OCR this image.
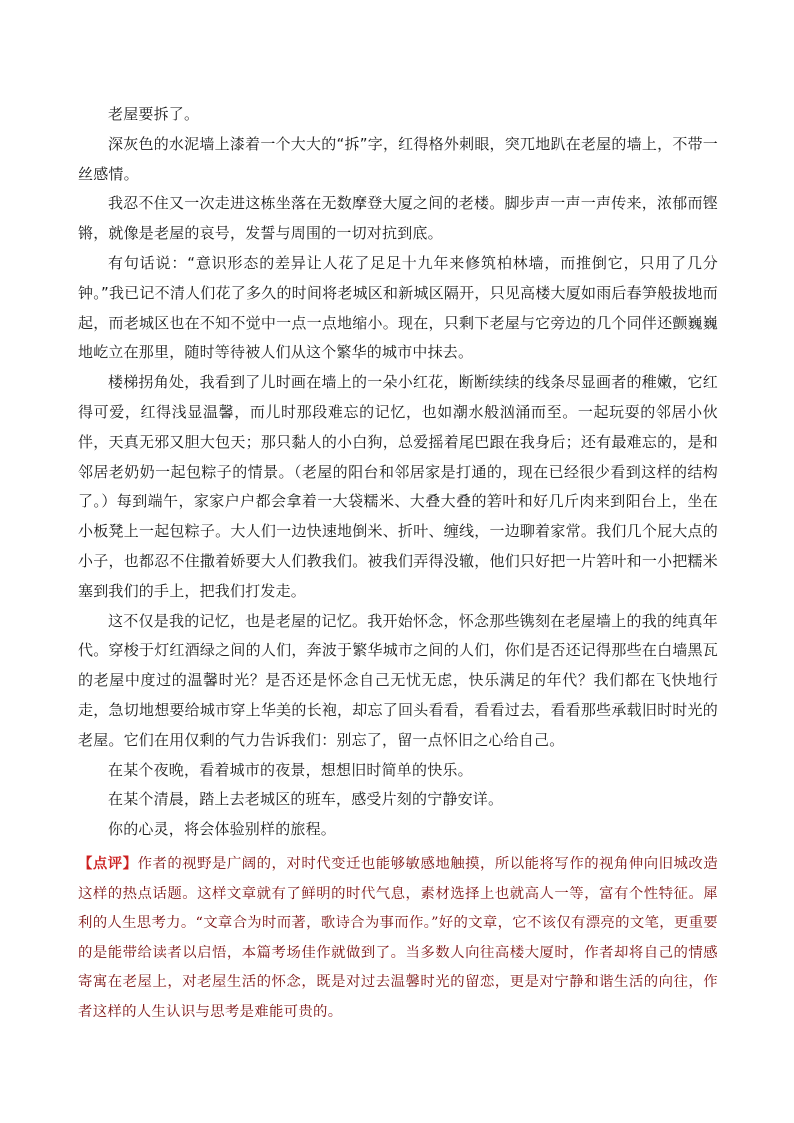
老屋要拆了。

深灰色的水泥墙上漆着一个大大的“拆”字，红得格外刺眼，突兀地趴在老屋的墙上，不带一丝感情。

我忍不住又一次走进这栋坐落在无数摩登大厦之间的老楼。脚步声一声一声传来，浓郁而铿锵，就像是老屋的哀号，发誓与周围的一切对抗到底。

有句话说：“意识形态的差异让人花了足足十九年来修筑柏林墙，而推倒它，只用了几分钟。”我已记不清人们花了多久的时间将老城区和新城区隔开，只见高楼大厦如雨后春笋般拔地而起，而老城区也在不知不觉中一点一点地缩小。现在，只剩下老屋与它旁边的几个同伴还颤巍巍地屹立在那里，随时等待被人们从这个繁华的城市中抹去。

楼梯拐角处，我看到了儿时画在墙上的一朵小红花，断断续续的线条尽显画者的稚嫩，它红得可爱，红得浅显温馨，而儿时那段难忘的记忆，也如潮水般汹涌而至。一起玩耍的邻居小伙伴，天真无邪又胆大包天；那只黏人的小白狗，总爱摇着尾巴跟在我身后；还有最难忘的，是和邻居老奶奶一起包粽子的情景。（老屋的阳台和邻居家是打通的，现在已经很少看到这样的结构了。）每到端午，家家户户都会拿着一大袋糯米、大叠大叠的箬叶和好几斤肉来到阳台上，坐在小板凳上一起包粽子。大人们一边快速地倒米、折叶、缠线，一边聊着家常。我们几个屁大点的小子，也都忍不住撒着娇要大人们教我们。被我们弄得没辙，他们只好把一片箬叶和一小把糯米塞到我们的手上，把我们打发走。

这不仅是我的记忆，也是老屋的记忆。我开始怀念，怀念那些镌刻在老屋墙上的我的纯真年代。穿梭于灯红酒绿之间的人们，奔波于繁华城市之间的人们，你们是否还记得那些在白墙黑瓦的老屋中度过的温馨时光？是否还是怀念自己无忧无虑，快乐满足的年代？我们都在飞快地行走，急切地想要给城市穿上华美的长袍，却忘了回头看看，看看过去，看看那些承载旧时时光的老屋。它们在用仅剩的气力告诉我们：别忘了，留一点怀旧之心给自己。

在某个夜晚，看着城市的夜景，想想旧时简单的快乐。

在某个清晨，踏上去老城区的班车，感受片刻的宁静安详。

你的心灵，将会体验别样的旅程。

【点评】作者的视野是广阔的，对时代变迁也能够敏感地触摸，所以能将写作的视角伸向旧城改造这样的热点话题。这样文章就有了鲜明的时代气息，素材选择上也就高人一等，富有个性特征。犀利的人生思考力。“文章合为时而著，歌诗合为事而作。”好的文章，它不该仅有漂亮的文笔，更重要的是能带给读者以启悟，本篇考场佳作就做到了。当多数人向往高楼大厦时，作者却将自己的情感寄寓在老屋上，对老屋生活的怀念，既是对过去温馨时光的留恋，更是对宁静和谐生活的向往，作者这样的人生认识与思考是难能可贵的。
